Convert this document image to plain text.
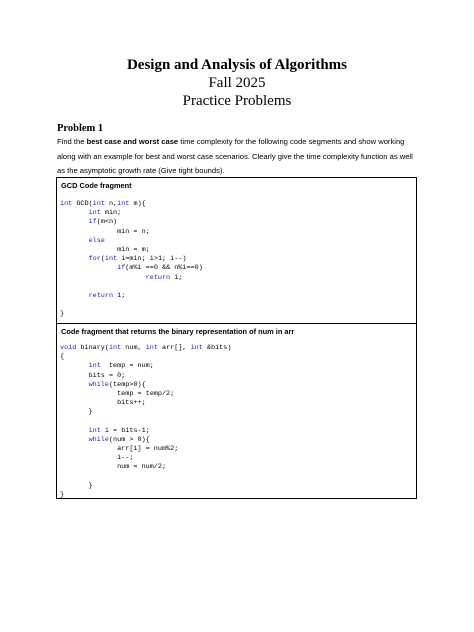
Design and Analysis of Algorithms

Fall 2025

Practice Problems

Problem 1

Find the best case and worst case time complexity for the following code segments and show working along with an example for best and worst case scenarios. Clearly give the time complexity function as well as the asymptotic growth rate (Give tight bounds).

GCD Code fragment

int GCD(int n,int m){
int min;
if(m<n)
min = n;
else
min = m;
for(int i=min; i>1; i--)
if(m%i ==0 && n%i==0)
return i;
return 1;
}

Code fragment that returns the binary representation of num in arr

void binary(int num, int arr[], int &bits)
{
int  temp = num;
bits = 0;
while(temp>0){
temp = temp/2;
bits++;
}
int i = bits-1;
while(num > 0){
arr[i] = num%2;
i--;
num = num/2;
}
}
